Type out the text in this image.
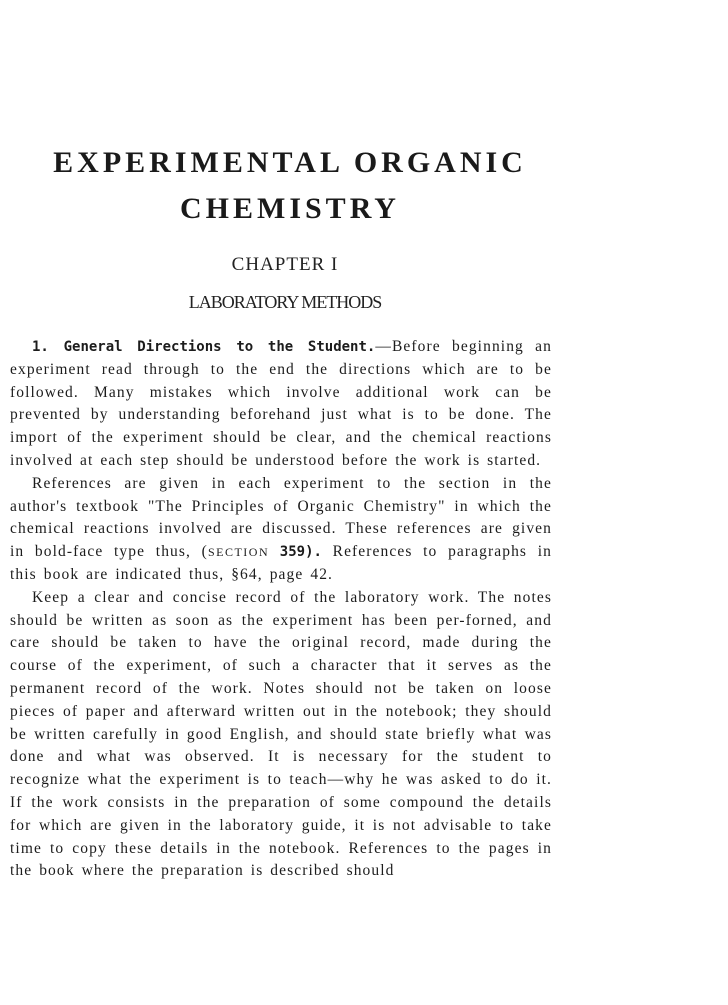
EXPERIMENTAL ORGANIC
CHEMISTRY
CHAPTER I
LABORATORY METHODS

1. General Directions to the Student.—Before beginning an experiment read through to the end the directions which are to be followed. Many mistakes which involve additional work can be prevented by understanding beforehand just what is to be done. The import of the experiment should be clear, and the chemical reactions involved at each step should be understood before the work is started.

References are given in each experiment to the section in the author's textbook "The Principles of Organic Chemistry" in which the chemical reactions involved are discussed. These references are given in bold-face type thus, (SECTION 359). References to paragraphs in this book are indicated thus, §64, page 42.

Keep a clear and concise record of the laboratory work. The notes should be written as soon as the experiment has been per-forned, and care should be taken to have the original record, made during the course of the experiment, of such a character that it serves as the permanent record of the work. Notes should not be taken on loose pieces of paper and afterward written out in the notebook; they should be written carefully in good English, and should state briefly what was done and what was observed. It is necessary for the student to recognize what the experiment is to teach—why he was asked to do it. If the work consists in the preparation of some compound the details for which are given in the laboratory guide, it is not advisable to take time to copy these details in the notebook. References to the pages in the book where the preparation is described should
